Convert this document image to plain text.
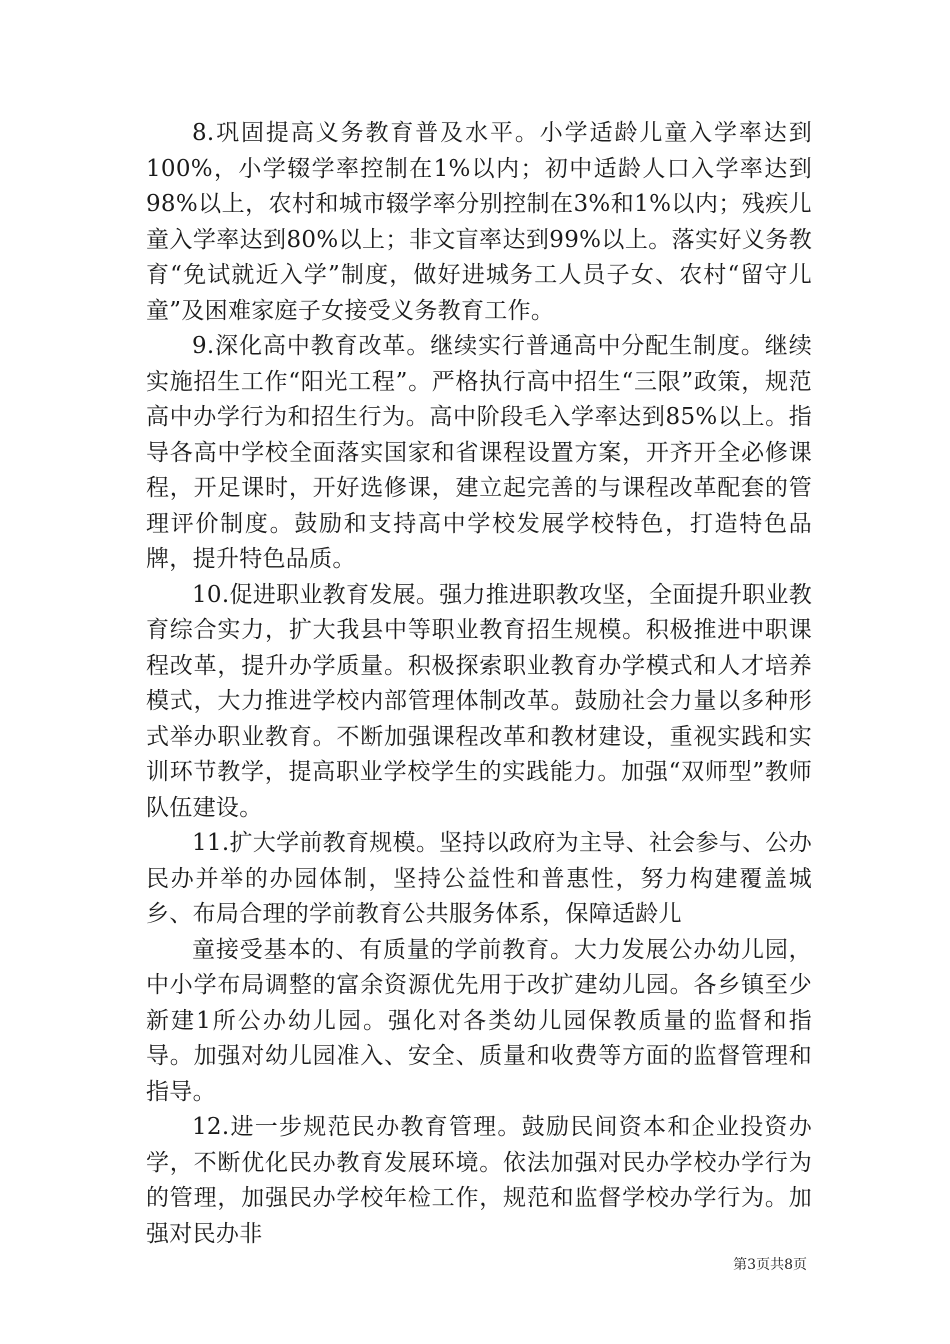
8.巩固提高义务教育普及水平。小学适龄儿童入学率达到100%，小学辍学率控制在1%以内；初中适龄人口入学率达到98%以上，农村和城市辍学率分别控制在3%和1%以内；残疾儿童入学率达到80%以上；非文盲率达到99%以上。落实好义务教育“免试就近入学”制度，做好进城务工人员子女、农村“留守儿童”及困难家庭子女接受义务教育工作。

9.深化高中教育改革。继续实行普通高中分配生制度。继续实施招生工作“阳光工程”。严格执行高中招生“三限”政策，规范高中办学行为和招生行为。高中阶段毛入学率达到85%以上。指导各高中学校全面落实国家和省课程设置方案，开齐开全必修课程，开足课时，开好选修课，建立起完善的与课程改革配套的管理评价制度。鼓励和支持高中学校发展学校特色，打造特色品牌，提升特色品质。

10.促进职业教育发展。强力推进职教攻坚，全面提升职业教育综合实力，扩大我县中等职业教育招生规模。积极推进中职课程改革，提升办学质量。积极探索职业教育办学模式和人才培养模式，大力推进学校内部管理体制改革。鼓励社会力量以多种形式举办职业教育。不断加强课程改革和教材建设，重视实践和实训环节教学，提高职业学校学生的实践能力。加强“双师型”教师队伍建设。

11.扩大学前教育规模。坚持以政府为主导、社会参与、公办民办并举的办园体制，坚持公益性和普惠性，努力构建覆盖城乡、布局合理的学前教育公共服务体系，保障适龄儿

童接受基本的、有质量的学前教育。大力发展公办幼儿园，中小学布局调整的富余资源优先用于改扩建幼儿园。各乡镇至少新建1所公办幼儿园。强化对各类幼儿园保教质量的监督和指导。加强对幼儿园准入、安全、质量和收费等方面的监督管理和指导。

12.进一步规范民办教育管理。鼓励民间资本和企业投资办学，不断优化民办教育发展环境。依法加强对民办学校办学行为的管理，加强民办学校年检工作，规范和监督学校办学行为。加强对民办非

第3页共8页
